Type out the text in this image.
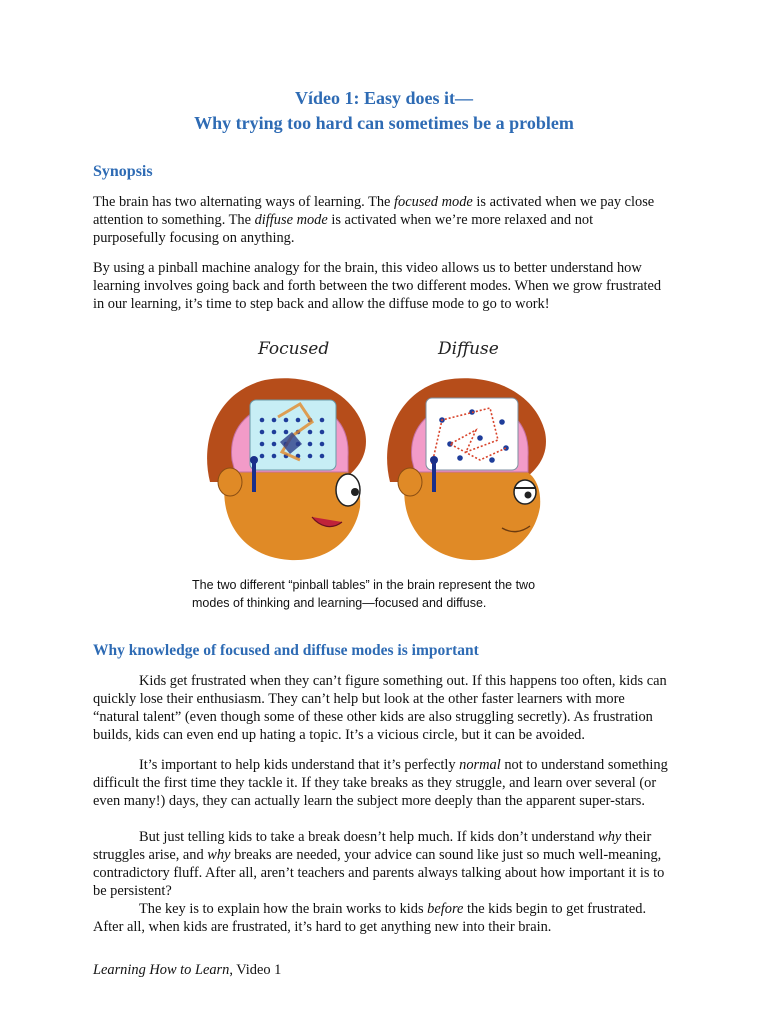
Vídeo 1: Easy does it—
Why trying too hard can sometimes be a problem
Synopsis

The brain has two alternating ways of learning. The focused mode is activated when we pay close attention to something. The diffuse mode is activated when we’re more relaxed and not purposefully focusing on anything.

By using a pinball machine analogy for the brain, this video allows us to better understand how learning involves going back and forth between the two different modes. When we grow frustrated in our learning, it’s time to step back and allow the diffuse mode to go to work!

Focused	Diffuse

The two different “pinball tables” in the brain represent the two
modes of thinking and learning—focused and diffuse.

Why knowledge of focused and diffuse modes is important

Kids get frustrated when they can’t figure something out. If this happens too often, kids can quickly lose their enthusiasm. They can’t help but look at the other faster learners with more “natural talent” (even though some of these other kids are also struggling secretly). As frustration builds, kids can even end up hating a topic. It’s a vicious circle, but it can be avoided.

It’s important to help kids understand that it’s perfectly normal not to understand something difficult the first time they tackle it. If they take breaks as they struggle, and learn over several (or even many!) days, they can actually learn the subject more deeply than the apparent super-stars.

But just telling kids to take a break doesn’t help much. If kids don’t understand why their struggles arise, and why breaks are needed, your advice can sound like just so much well-meaning, contradictory fluff. After all, aren’t teachers and parents always talking about how important it is to be persistent?

The key is to explain how the brain works to kids before the kids begin to get frustrated. After all, when kids are frustrated, it’s hard to get anything new into their brain.

Learning How to Learn, Video 1
